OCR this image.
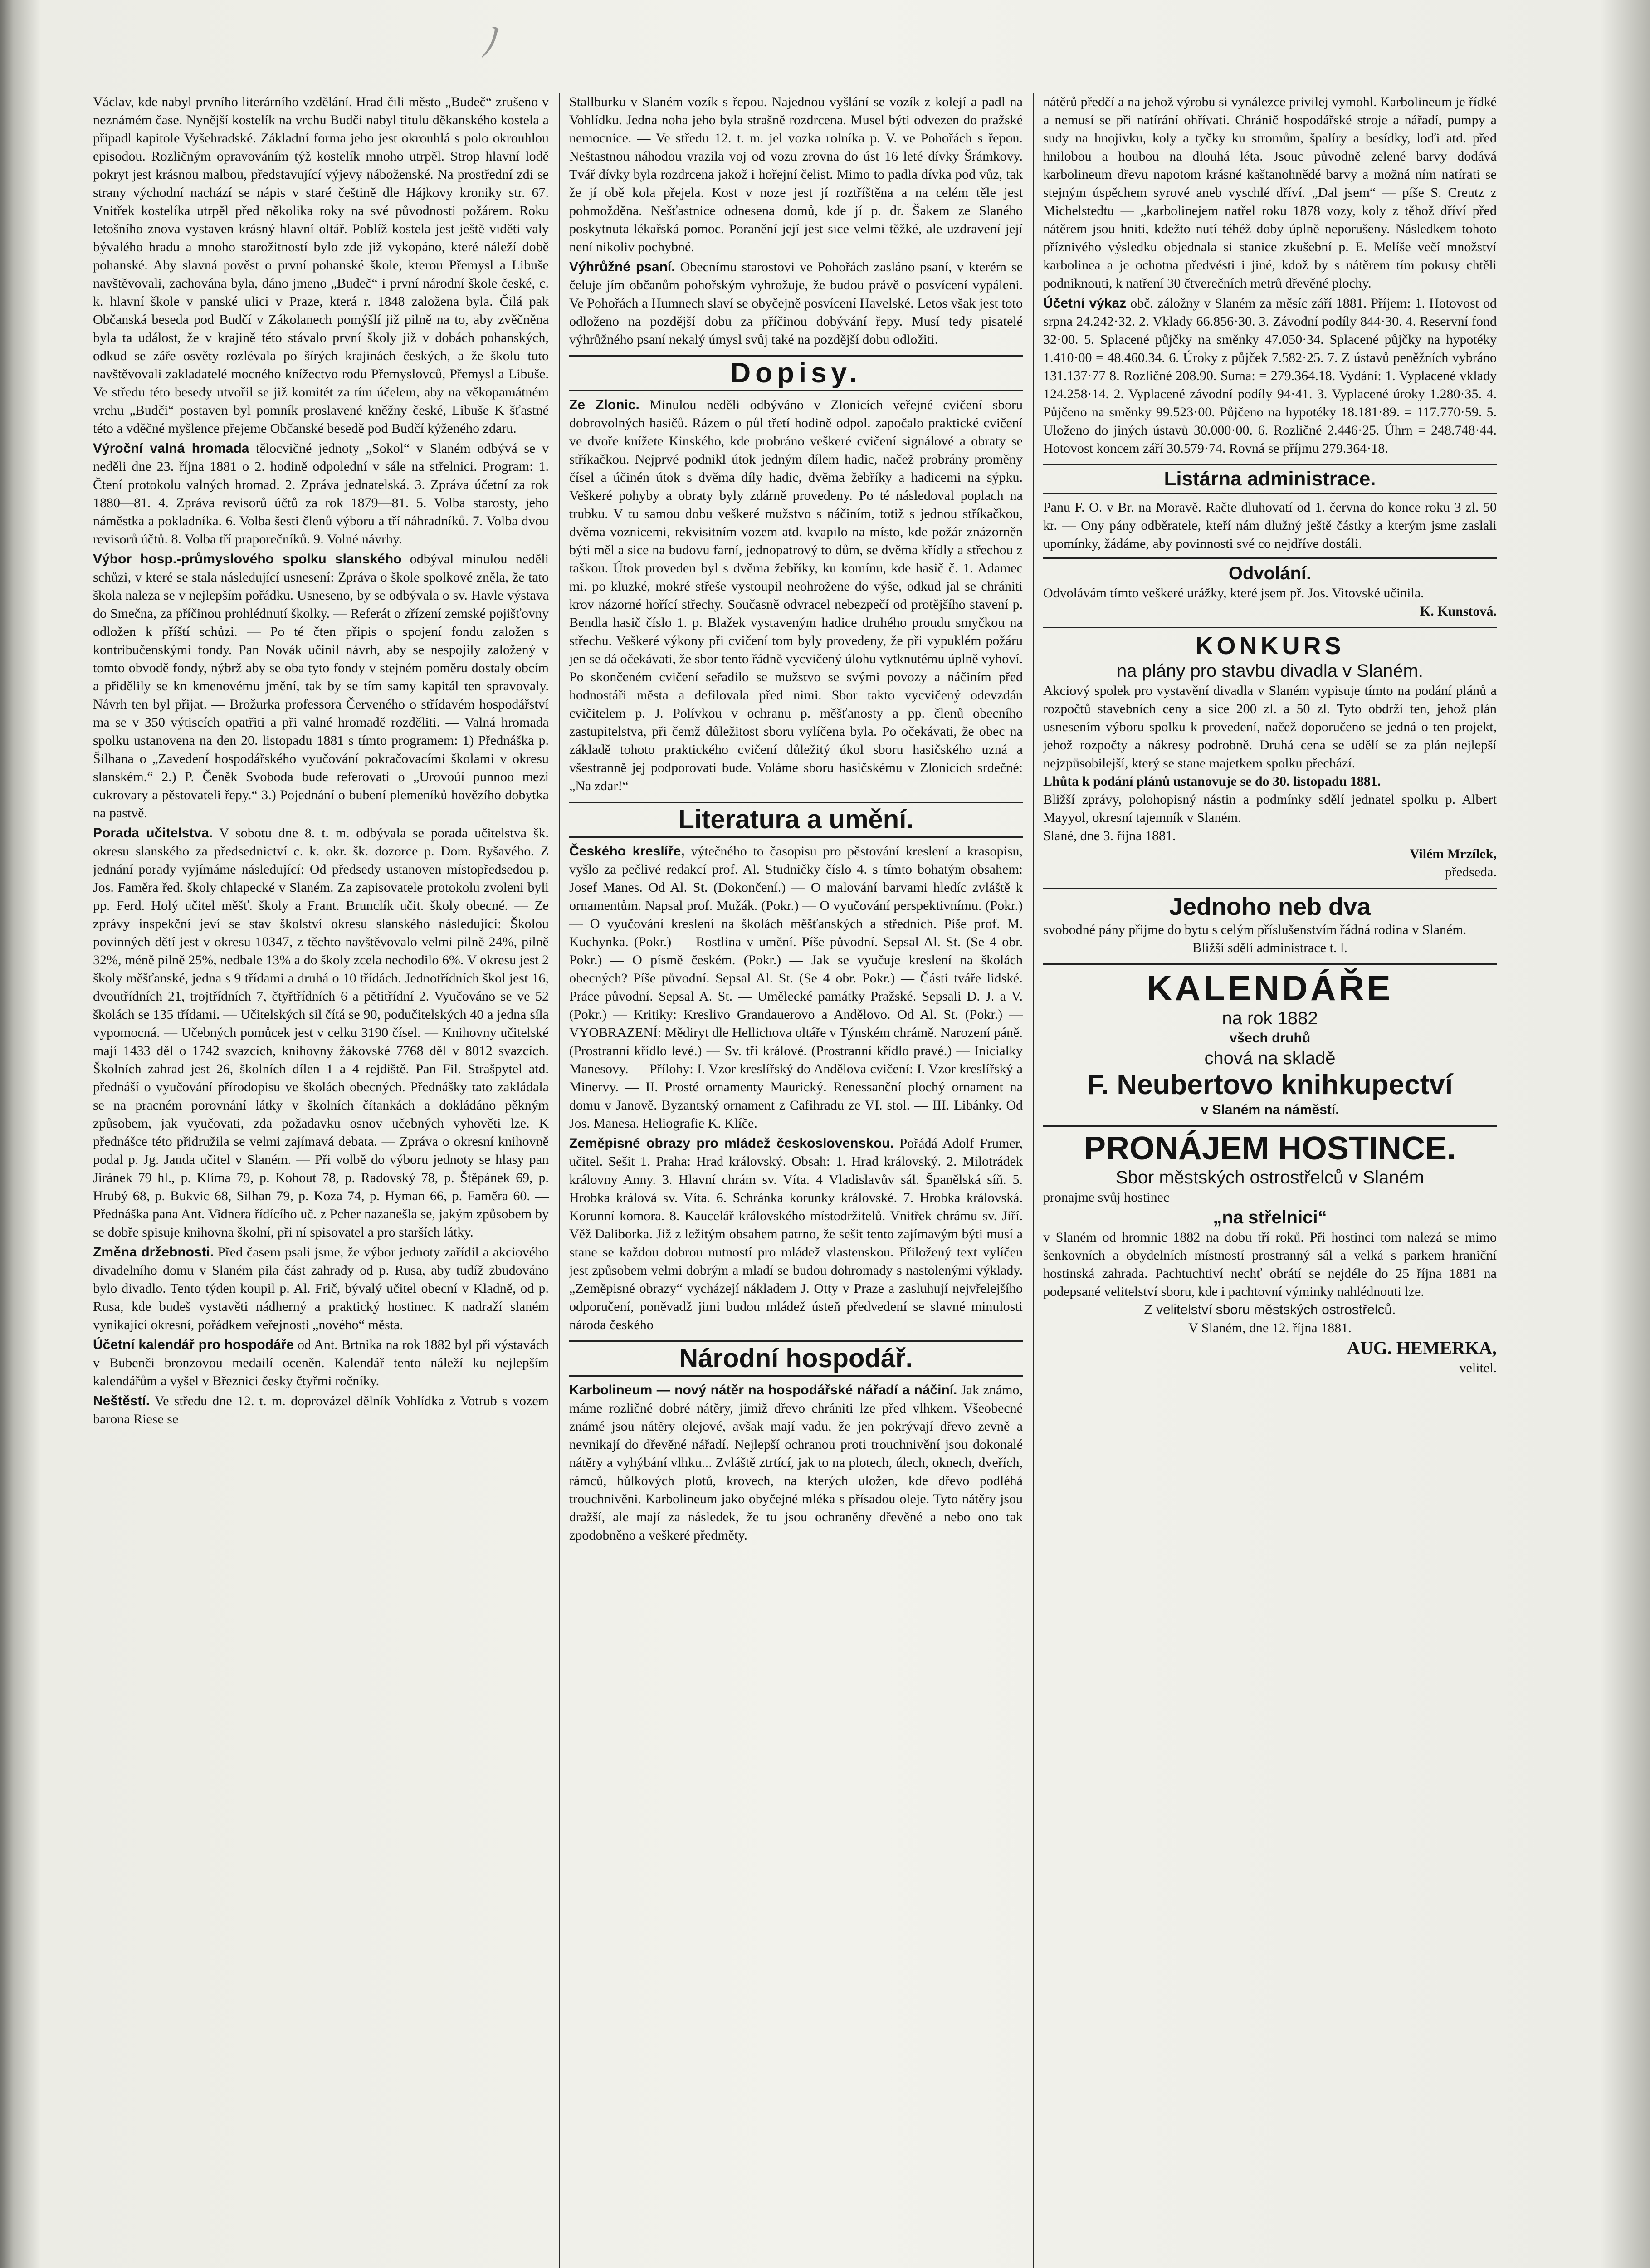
ﾉ

Václav, kde nabyl prvního literárního vzdělání. Hrad čili město „Budeč“ zrušeno v neznámém čase. Nynější kostelík na vrchu Budči nabyl titulu děkanského kostela a připadl kapitole Vyšehradské. Základní forma jeho jest okrouhlá s polo okrouhlou episodou. Rozličným opravováním týž kostelík mnoho utrpěl. Strop hlavní lodě pokryt jest krásnou malbou, představující výjevy náboženské. Na prostřední zdi se strany východní nachází se nápis v staré češtině dle Hájkovy kroniky str. 67. Vnitřek kostelíka utrpěl před několika roky na své původnosti požárem. Roku letošního znova vystaven krásný hlavní oltář. Poblíž kostela jest ještě viděti valy bývalého hradu a mnoho starožitností bylo zde již vykopáno, které náleží době pohanské. Aby slavná pověst o první pohanské škole, kterou Přemysl a Libuše navštěvovali, zachována byla, dáno jmeno „Budeč“ i první národní škole české, c. k. hlavní škole v panské ulici v Praze, která r. 1848 založena byla. Čilá pak Občanská beseda pod Budčí v Zákolanech pomýšlí již pilně na to, aby zvěčněna byla ta událost, že v krajině této stávalo první školy již v dobách pohanských, odkud se záře osvěty rozlévala po šírých krajinách českých, a že školu tuto navštěvovali zakladatelé mocného knížectvo rodu Přemyslovců, Přemysl a Libuše. Ve středu této besedy utvořil se již komitét za tím účelem, aby na věkopamátném vrchu „Budči“ postaven byl pomník proslavené kněžny české, Libuše K šťastné této a vděčné myšlence přejeme Občanské besedě pod Budčí kýženého zdaru.

Výroční valná hromada tělocvičné jednoty „Sokol“ v Slaném odbývá se v neděli dne 23. října 1881 o 2. hodině odpolední v sále na střelnici. Program: 1. Čtení protokolu valných hromad. 2. Zpráva jednatelská. 3. Zpráva účetní za rok 1880—81. 4. Zpráva revisorů účtů za rok 1879—81. 5. Volba starosty, jeho náměstka a pokladníka. 6. Volba šesti členů výboru a tří náhradníků. 7. Volba dvou revisorů účtů. 8. Volba tří praporečníků. 9. Volné návrhy.

Výbor hosp.-průmyslového spolku slanského odbýval minulou neděli schůzi, v které se stala následující usnesení: Zpráva o škole spolkové zněla, že tato škola naleza se v nejlepším pořádku. Usneseno, by se odbývala o sv. Havle výstava do Smečna, za příčinou prohlédnutí školky. — Referát o zřízení zemské pojišťovny odložen k příští schůzi. — Po té čten připis o spojení fondu založen s kontribučenskými fondy. Pan Novák učinil návrh, aby se nespojily založený v tomto obvodě fondy, nýbrž aby se oba tyto fondy v stejném poměru dostaly obcím a přidělily se kn kmenovému jmění, tak by se tím samy kapitál ten spravovaly. Návrh ten byl přijat. — Brožurka professora Červeného o střídavém hospodářství ma se v 350 výtiscích opatřiti a při valné hromadě rozděliti. — Valná hromada spolku ustanovena na den 20. listopadu 1881 s tímto programem: 1) Přednáška p. Šilhana o „Zavedení hospodářského vyučování pokračovacími školami v okresu slanském.“ 2.) P. Čeněk Svoboda bude referovati o „Urovoúí punnoo mezi cukrovary a pěstovateli řepy.“ 3.) Pojednání o bubení plemeníků hovězího dobytka na pastvě.

Porada učitelstva. V sobotu dne 8. t. m. odbývala se porada učitelstva šk. okresu slanského za předsednictví c. k. okr. šk. dozorce p. Dom. Ryšavého. Z jednání porady vyjímáme následující: Od předsedy ustanoven místopředsedou p. Jos. Faměra řed. školy chlapecké v Slaném. Za zapisovatele protokolu zvoleni byli pp. Ferd. Holý učitel měšť. školy a Frant. Brunclík učit. školy obecné. — Ze zprávy inspekční jeví se stav školství okresu slanského následující: Školou povinných dětí jest v okresu 10347, z těchto navštěvovalo velmi pilně 24%, pilně 32%, méně pilně 25%, nedbale 13% a do školy zcela nechodilo 6%. V okresu jest 2 školy měšťanské, jedna s 9 třídami a druhá o 10 třídách. Jednotřídních škol jest 16, dvoutřídních 21, trojtřídních 7, čtyřtřídních 6 a pětitřídní 2. Vyučováno se ve 52 školách se 135 třídami. — Učitelských sil čítá se 90, podučitelských 40 a jedna síla vypomocná. — Učebných pomůcek jest v celku 3190 čísel. — Knihovny učitelské mají 1433 děl o 1742 svazcích, knihovny žákovské 7768 děl v 8012 svazcích. Školních zahrad jest 26, školních dílen 1 a 4 rejdiště. Pan Fil. Strašpytel atd. přednáší o vyučování přírodopisu ve školách obecných. Přednášky tato zakládala se na pracném porovnání látky v školních čítankách a dokládáno pěkným způsobem, jak vyučovati, zda požadavku osnov učebných vyhověti lze. K přednášce této přidružila se velmi zajímavá debata. — Zpráva o okresní knihovně podal p. Jg. Janda učitel v Slaném. — Při volbě do výboru jednoty se hlasy pan Jiránek 79 hl., p. Klíma 79, p. Kohout 78, p. Radovský 78, p. Štěpánek 69, p. Hrubý 68, p. Bukvic 68, Silhan 79, p. Koza 74, p. Hyman 66, p. Faměra 60. — Přednáška pana Ant. Vidnera řídícího uč. z Pcher nazanešla se, jakým způsobem by se dobře spisuje knihovna školní, při ní spisovatel a pro starších látky.

Změna držebnosti. Před časem psali jsme, že výbor jednoty zařídil a akciového divadelního domu v Slaném pila část zahrady od p. Rusa, aby tudíž zbudováno bylo divadlo. Tento týden koupil p. Al. Frič, bývalý učitel obecní v Kladně, od p. Rusa, kde budeš vystavěti nádherný a praktický hostinec. K nadraží slaném vynikající okresní, pořádkem veřejnosti „nového“ města.

Účetní kalendář pro hospodáře od Ant. Brtnika na rok 1882 byl při výstavách v Bubenči bronzovou medailí oceněn. Kalendář tento náleží ku nejlepším kalendářům a vyšel v Březnici česky čtyřmi ročníky.

Neštěstí. Ve středu dne 12. t. m. doprovázel dělník Vohlídka z Votrub s vozem barona Riese se

Stallburku v Slaném vozík s řepou. Najednou vyšlání se vozík z kolejí a padl na Vohlídku. Jedna noha jeho byla strašně rozdrcena. Musel býti odvezen do pražské nemocnice. — Ve středu 12. t. m. jel vozka rolníka p. V. ve Pohořách s řepou. Neštastnou náhodou vrazila voj od vozu zrovna do úst 16 leté dívky Šrámkovy. Tvář dívky byla rozdrcena jakož i hořejní čelist. Mimo to padla dívka pod vůz, tak že jí obě kola přejela. Kost v noze jest jí roztříštěna a na celém těle jest pohmožděna. Nešťastnice odnesena domů, kde jí p. dr. Šakem ze Slaného poskytnuta lékařská pomoc. Poranění její jest sice velmi těžké, ale uzdravení její není nikoliv pochybné.

Výhrůžné psaní. Obecnímu starostovi ve Pohořách zasláno psaní, v kterém se čeluje jím občanům pohořským vyhrožuje, že budou právě o posvícení vypáleni. Ve Pohořách a Humnech slaví se obyčejně posvícení Havelské. Letos však jest toto odloženo na pozdější dobu za příčinou dobývání řepy. Musí tedy pisatelé výhrůžného psaní nekalý úmysl svůj také na pozdější dobu odložiti.

Dopisy.

Ze Zlonic. Minulou neděli odbýváno v Zlonicích veřejné cvičení sboru dobrovolných hasičů. Rázem o půl třetí hodině odpol. započalo praktické cvičení ve dvoře knížete Kinského, kde probráno veškeré cvičení signálové a obraty se stříkačkou. Nejprvé podnikl útok jedným dílem hadic, načež probrány proměny čísel a účinén útok s dvěma díly hadic, dvěma žebříky a hadicemi na sýpku. Veškeré pohyby a obraty byly zdárně provedeny. Po té následoval poplach na trubku. V tu samou dobu veškeré mužstvo s náčiním, totiž s jednou stříkačkou, dvěma voznicemi, rekvisitním vozem atd. kvapilo na místo, kde požár znázorněn býti měl a sice na budovu farní, jednopatrový to dům, se dvěma křídly a střechou z taškou. Útok proveden byl s dvěma žebříky, ku komínu, kde hasič č. 1. Adamec mi. po kluzké, mokré střeše vystoupil neohrožene do výše, odkud jal se chrániti krov názorné hořící střechy. Současně odvracel nebezpečí od protějšího stavení p. Bendla hasič číslo 1. p. Blažek vystaveným hadice druhého proudu smyčkou na střechu. Veškeré výkony při cvičení tom byly provedeny, že při vypuklém požáru jen se dá očekávati, že sbor tento řádně vycvičený úlohu vytknutému úplně vyhoví. Po skončeném cvičení seřadilo se mužstvo se svými povozy a náčiním před hodnostáři města a defilovala před nimi. Sbor takto vycvičený odevzdán cvičitelem p. J. Polívkou v ochranu p. měšťanosty a pp. členů obecního zastupitelstva, při čemž důležitost sboru vylíčena byla. Po očekávati, že obec na základě tohoto praktického cvičení důležitý úkol sboru hasičského uzná a všestranně jej podporovati bude. Voláme sboru hasičskému v Zlonicích srdečné: „Na zdar!“

Literatura a umění.

Českého kreslíře, výtečného to časopisu pro pěstování kreslení a krasopisu, vyšlo za pečlivé redakcí prof. Al. Studničky číslo 4. s tímto bohatým obsahem: Josef Manes. Od Al. St. (Dokončení.) — O malování barvami hledíc zvláště k ornamentům. Napsal prof. Mužák. (Pokr.) — O vyučování perspektivnímu. (Pokr.) — O vyučování kreslení na školách měšťanských a středních. Píše prof. M. Kuchynka. (Pokr.) — Rostlina v umění. Píše původní. Sepsal Al. St. (Se 4 obr. Pokr.) — O písmě českém. (Pokr.) — Jak se vyučuje kreslení na školách obecných? Píše původní. Sepsal Al. St. (Se 4 obr. Pokr.) — Části tváře lidské. Práce původní. Sepsal A. St. — Umělecké památky Pražské. Sepsali D. J. a V. (Pokr.) — Kritiky: Kreslivo Grandauerovo a Andělovo. Od Al. St. (Pokr.) — VYOBRAZENÍ: Mědiryt dle Hellichova oltáře v Týnském chrámě. Narození páně. (Prostranní křídlo levé.) — Sv. tři králové. (Prostranní křídlo pravé.) — Inicialky Manesovy. — Přílohy: I. Vzor kreslířský do Andělova cvičení: I. Vzor kreslířský a Minervy. — II. Prosté ornamenty Maurický. Renessanční plochý ornament na domu v Janově. Byzantský ornament z Cafihradu ze VI. stol. — III. Libánky. Od Jos. Manesa. Heliografie K. Klíče.

Zeměpisné obrazy pro mládež československou. Pořádá Adolf Frumer, učitel. Sešit 1. Praha: Hrad královský. Obsah: 1. Hrad královský. 2. Milotrádek královny Anny. 3. Hlavní chrám sv. Víta. 4 Vladislavův sál. Španělská síň. 5. Hrobka králová sv. Víta. 6. Schránka korunky královské. 7. Hrobka královská. Korunní komora. 8. Kaucelář královského místodržitelů. Vnitřek chrámu sv. Jiří. Věž Daliborka. Již z ležitým obsahem patrno, že sešit tento zajímavým býti musí a stane se každou dobrou nutností pro mládež vlastenskou. Přiložený text vylíčen jest způsobem velmi dobrým a mladí se budou dohromady s nastolenými výklady. „Zeměpisné obrazy“ vycházejí nákladem J. Otty v Praze a zasluhují nejvřelejšího odporučení, poněvadž jimi budou mládež ústeň předvedení se slavné minulosti národa českého

Národní hospodář.

Karbolineum — nový nátěr na hospodářské nářadí a náčiní. Jak známo, máme rozličné dobré nátěry, jimiž dřevo chrániti lze před vlhkem. Všeobecné známé jsou nátěry olejové, avšak mají vadu, že jen pokrývají dřevo zevně a nevnikají do dřevěné nářadí. Nejlepší ochranou proti trouchnivění jsou dokonalé nátěry a vyhýbání vlhku... Zvláště ztrtící, jak to na plotech, úlech, oknech, dveřích, rámců, hůlkových plotů, krovech, na kterých uložen, kde dřevo podléhá trouchnivěni. Karbolineum jako obyčejné mléka s přísadou oleje. Tyto nátěry jsou dražší, ale mají za následek, že tu jsou ochraněny dřevěné a nebo ono tak zpodobněno a veškeré předměty.

nátěrů předčí a na jehož výrobu si vynálezce privilej vymohl. Karbolineum je řídké a nemusí se při natírání ohřívati. Chránič hospodářské stroje a nářadí, pumpy a sudy na hnojivku, koly a tyčky ku stromům, špalíry a besídky, loďi atd. před hnilobou a houbou na dlouhá léta. Jsouc původně zelené barvy dodává karbolineum dřevu napotom krásné kaštanohnědé barvy a možná ním natírati se stejným úspěchem syrové aneb vyschlé dříví. „Dal jsem“ — píše S. Creutz z Michelstedtu — „karbolinejem natřel roku 1878 vozy, koly z těhož dříví před nátěrem jsou hniti, kdežto nutí téhéž doby úplně neporušeny. Následkem tohoto příznivého výsledku objednala si stanice zkušební p. E. Melíše večí množství karbolinea a je ochotna předvésti i jiné, kdož by s nátěrem tím pokusy chtěli podniknouti, k natření 30 čtverečních metrů dřevěné plochy.

Účetní výkaz obč. záložny v Slaném za měsíc září 1881. Příjem: 1. Hotovost od srpna 24.242·32. 2. Vklady 66.856·30. 3. Závodní podíly 844·30. 4. Reservní fond 32·00. 5. Splacené půjčky na směnky 47.050·34. Splacené půjčky na hypotéky 1.410·00 = 48.460.34. 6. Úroky z půjček 7.582·25. 7. Z ústavů peněžních vybráno 131.137·77 8. Rozličné 208.90. Suma: = 279.364.18. Vydání: 1. Vyplacené vklady 124.258·14. 2. Vyplacené závodní podíly 94·41. 3. Vyplacené úroky 1.280·35. 4. Půjčeno na směnky 99.523·00. Půjčeno na hypotéky 18.181·89. = 117.770·59. 5. Uloženo do jiných ústavů 30.000·00. 6. Rozličné 2.446·25. Úhrn = 248.748·44. Hotovost koncem září 30.579·74. Rovná se příjmu 279.364·18.

Listárna administrace.

Panu F. O. v Br. na Moravě. Račte dluhovatí od 1. června do konce roku 3 zl. 50 kr. — Ony pány odběratele, kteří nám dlužný ještě částky a kterým jsme zaslali upomínky, žádáme, aby povinnosti své co nejdříve dostáli.

Odvolání.
Odvolávám tímto veškeré urážky, které jsem př. Jos. Vitovské učinila.
K. Kunstová.
KONKURS
na plány pro stavbu divadla v Slaném.
Akciový spolek pro vystavění divadla v Slaném vypisuje tímto na podání plánů a rozpočtů stavebních ceny a sice 200 zl. a 50 zl. Tyto obdrží ten, jehož plán usnesením výboru spolku k provedení, načež doporučeno se jedná o ten projekt, jehož rozpočty a nákresy podrobně. Druhá cena se udělí se za plán nejlepší nejzpůsobilejší, který se stane majetkem spolku přechází.
Lhůta k podání plánů ustanovuje se do 30. listopadu 1881.
Bližší zprávy, polohopisný nástin a podmínky sdělí jednatel spolku p. Albert Mayyol, okresní tajemník v Slaném.
Slané, dne 3. října 1881.
Vilém Mrzílek,
předseda.
Jednoho neb dva
svobodné pány přijme do bytu s celým příslušenstvím řádná rodina v Slaném.
Bližší sdělí administrace t. l.
KALENDÁŘE
na rok 1882
všech druhů
chová na skladě
F. Neubertovo knihkupectví
v Slaném na náměstí.
PRONÁJEM HOSTINCE.
Sbor městských ostrostřelců v Slaném
pronajme svůj hostinec
„na střelnici“
v Slaném od hromnic 1882 na dobu tří roků. Při hostinci tom nalezá se mimo šenkovních a obydelních místností prostranný sál a velká s parkem hraniční hostinská zahrada. Pachtuchtiví nechť obrátí se nejdéle do 25 října 1881 na podepsané velitelství sboru, kde i pachtovní výminky nahlédnouti lze.
Z velitelství sboru městských ostrostřelců.
V Slaném, dne 12. října 1881.
AUG. HEMERKA,
velitel.
